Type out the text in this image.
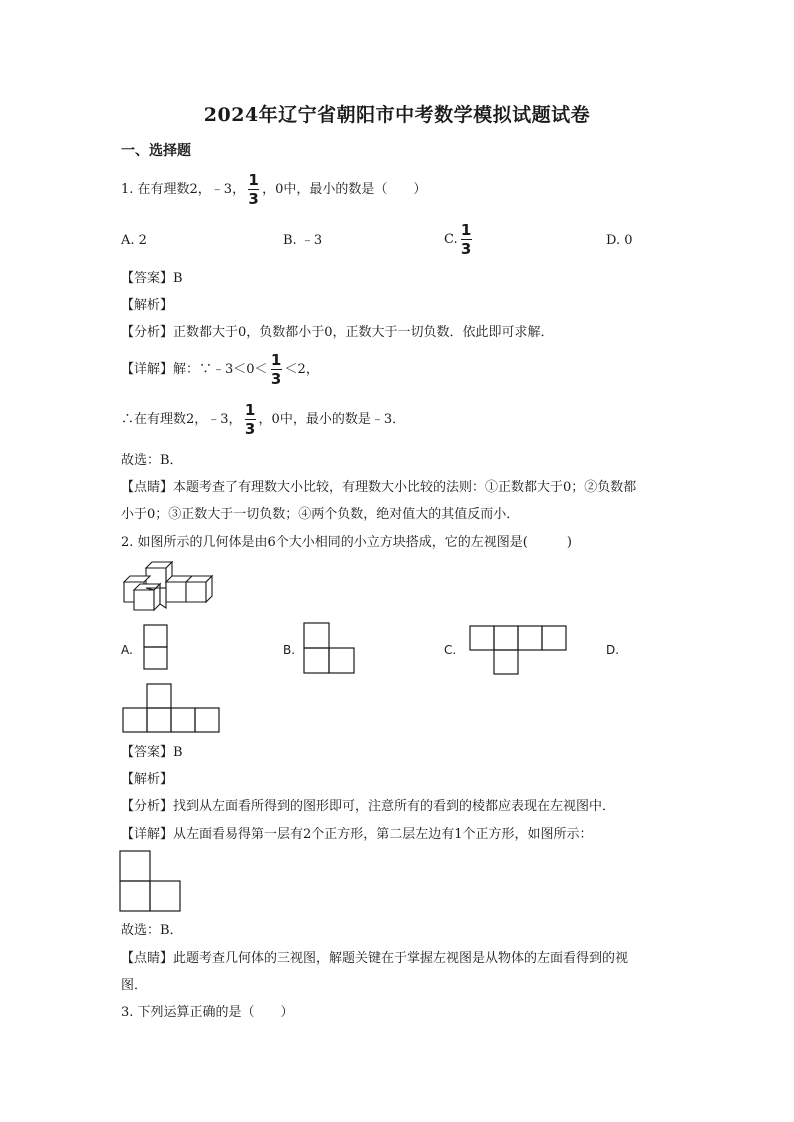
2024年辽宁省朝阳市中考数学模拟试题试卷
一、选择题
1. 在有理数2，﹣3， $\frac{1}{3}$ ，0中，最小的数是（　　）
A. 2	B. ﹣3	C. $\frac{1}{3}$	D. 0
【答案】B
【解析】
【分析】正数都大于0，负数都小于0，正数大于一切负数．依此即可求解．
【详解】解：∵﹣3＜0＜ $\frac{1}{3} <2$，
∴在有理数2，﹣3， $\frac{1}{3}$ ，0中，最小的数是﹣3．
故选：B．
【点睛】本题考查了有理数大小比较，有理数大小比较的法则：①正数都大于0；②负数都
小于0；③正数大于一切负数；④两个负数，绝对值大的其值反而小．
2. 如图所示的几何体是由6个大小相同的小立方块搭成，它的左视图是(　　　)
A.	B.	C.	D.
【答案】B
【解析】
【分析】找到从左面看所得到的图形即可，注意所有的看到的棱都应表现在左视图中．
【详解】从左面看易得第一层有2个正方形，第二层左边有1个正方形，如图所示：
故选：B．
【点睛】此题考查几何体的三视图，解题关键在于掌握左视图是从物体的左面看得到的视
图．
3. 下列运算正确的是（　　）
